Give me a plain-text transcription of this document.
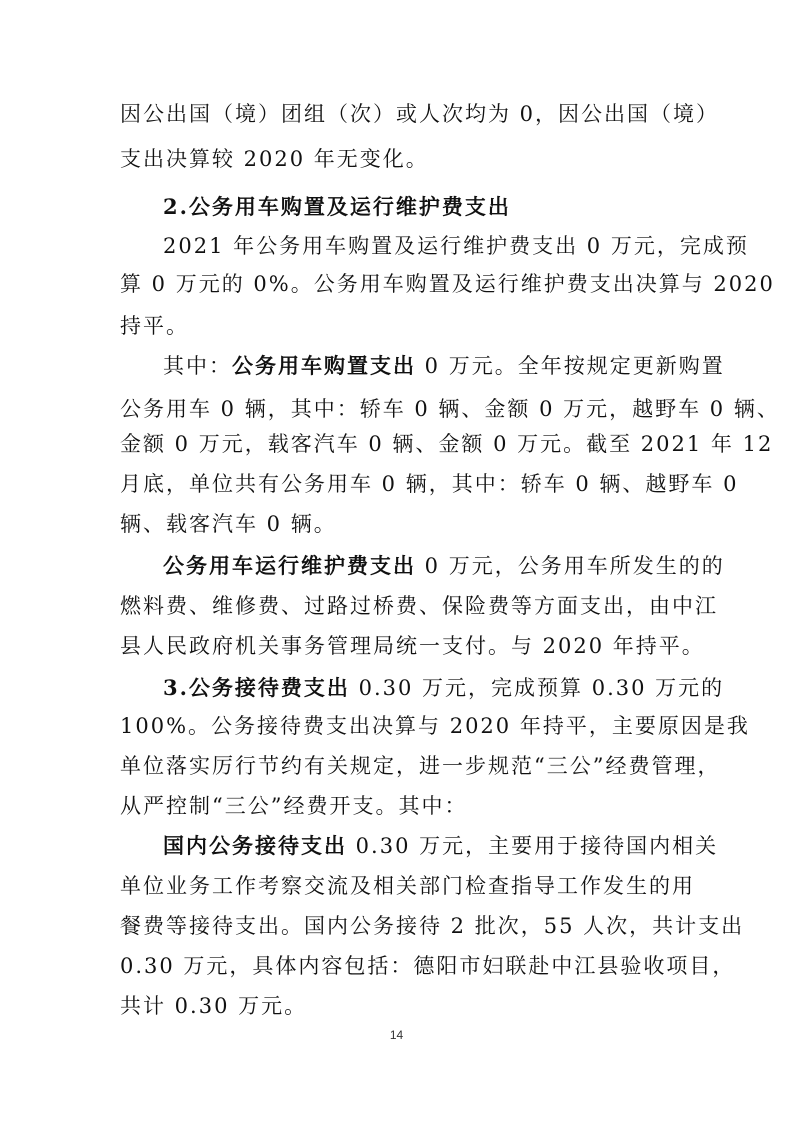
因公出国（境）团组（次）或人次均为 0，因公出国（境）
支出决算较 2020 年无变化。
2.公务用车购置及运行维护费支出
2021 年公务用车购置及运行维护费支出 0 万元，完成预
算 0 万元的 0%。公务用车购置及运行维护费支出决算与 2020
持平。
其中：公务用车购置支出 0 万元。全年按规定更新购置
公务用车 0 辆，其中：轿车 0 辆、金额 0 万元，越野车 0 辆、
金额 0 万元，载客汽车 0 辆、金额 0 万元。截至 2021 年 12
月底，单位共有公务用车 0 辆，其中：轿车 0 辆、越野车 0
辆、载客汽车 0 辆。
公务用车运行维护费支出 0 万元，公务用车所发生的的
燃料费、维修费、过路过桥费、保险费等方面支出，由中江
县人民政府机关事务管理局统一支付。与 2020 年持平。
3.公务接待费支出 0.30 万元，完成预算 0.30 万元的
100%。公务接待费支出决算与 2020 年持平，主要原因是我
单位落实厉行节约有关规定，进一步规范“三公”经费管理，
从严控制“三公”经费开支。其中：
国内公务接待支出 0.30 万元，主要用于接待国内相关
单位业务工作考察交流及相关部门检查指导工作发生的用
餐费等接待支出。国内公务接待 2 批次，55 人次，共计支出
0.30 万元，具体内容包括：德阳市妇联赴中江县验收项目，
共计 0.30 万元。
14
